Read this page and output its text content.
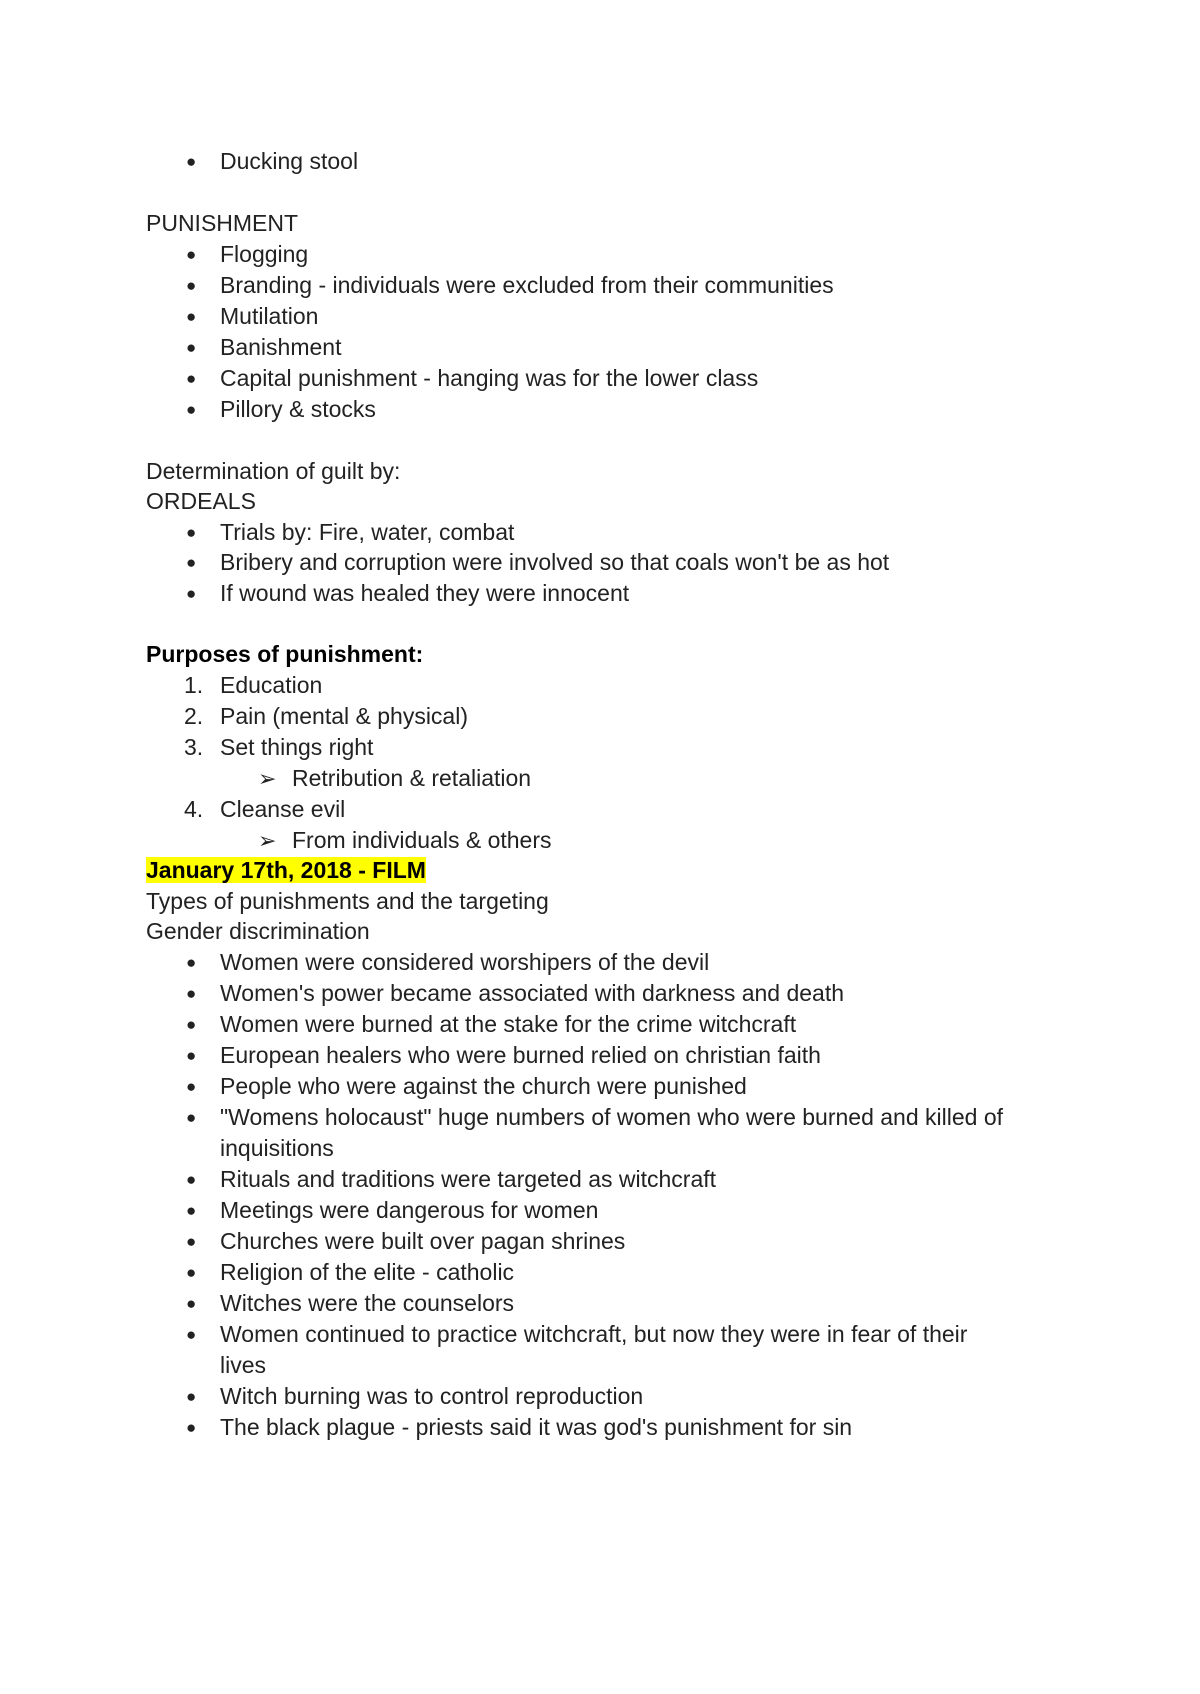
● Ducking stool
PUNISHMENT
● Flogging
● Branding - individuals were excluded from their communities
● Mutilation
● Banishment
● Capital punishment - hanging was for the lower class
● Pillory & stocks
Determination of guilt by:
ORDEALS
● Trials by: Fire, water, combat
● Bribery and corruption were involved so that coals won't be as hot
● If wound was healed they were innocent
Purposes of punishment:
1. Education
2. Pain (mental & physical)
3. Set things right
➢ Retribution & retaliation
4. Cleanse evil
➢ From individuals & others
January 17th, 2018 - FILM
Types of punishments and the targeting
Gender discrimination
● Women were considered worshipers of the devil
● Women's power became associated with darkness and death
● Women were burned at the stake for the crime witchcraft
● European healers who were burned relied on christian faith
● People who were against the church were punished
● "Womens holocaust" huge numbers of women who were burned and killed of
inquisitions
● Rituals and traditions were targeted as witchcraft
● Meetings were dangerous for women
● Churches were built over pagan shrines
● Religion of the elite - catholic
● Witches were the counselors
● Women continued to practice witchcraft, but now they were in fear of their
lives
● Witch burning was to control reproduction
● The black plague - priests said it was god's punishment for sin
